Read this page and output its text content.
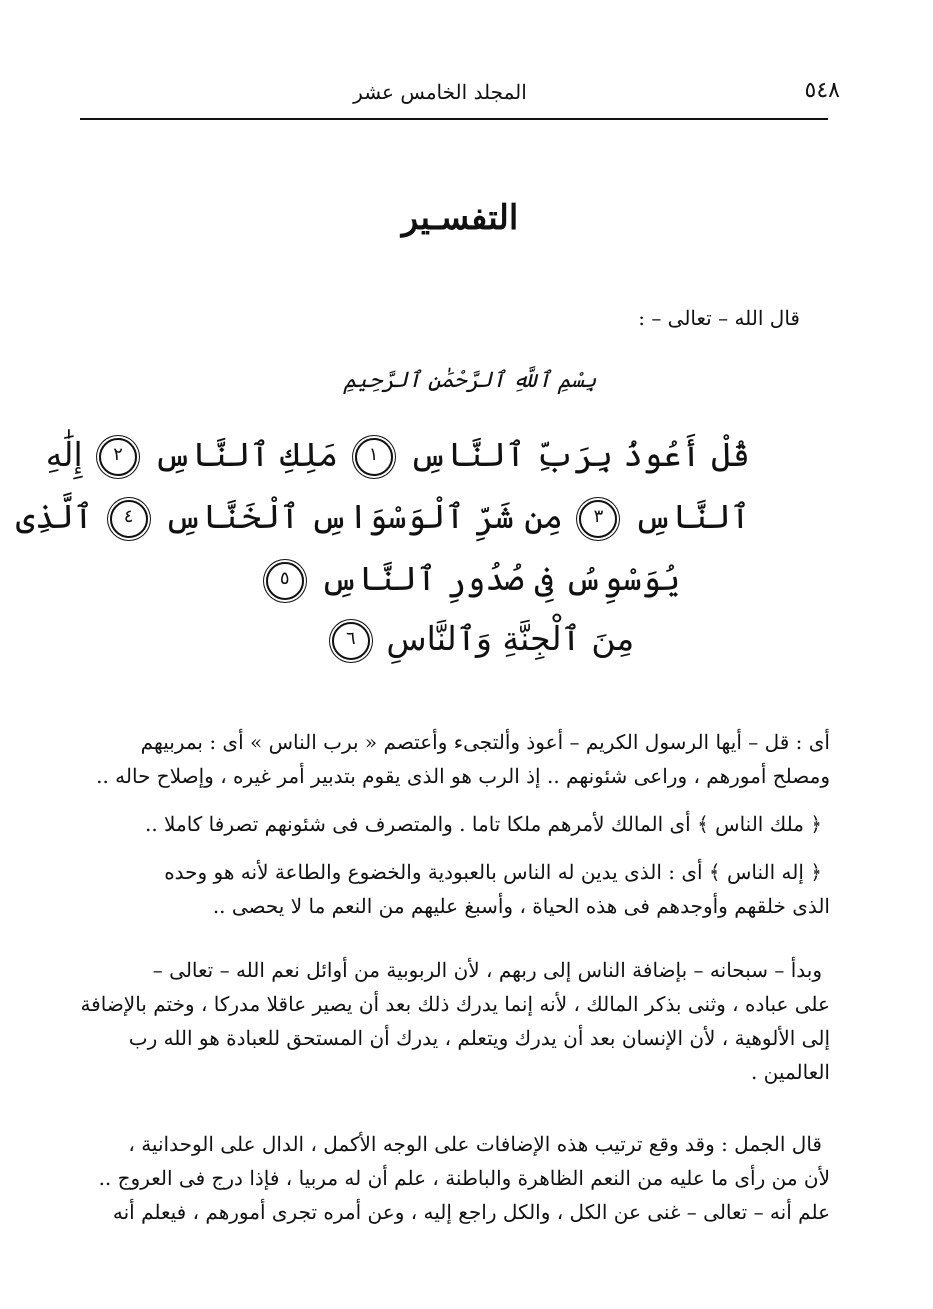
المجلد الخامس عشر	٥٤٨
التفسـير
قال الله – تعالى – :
بِسْمِ ٱللَّهِ ٱلرَّحْمَٰنِ ٱلرَّحِيمِ
قُلْ أَعُوذُ بِرَبِّ ٱلنَّاسِ ١ مَلِكِ ٱلنَّاسِ ٢ إِلَٰهِ
ٱلنَّاسِ ٣ مِن شَرِّ ٱلْوَسْوَاسِ ٱلْخَنَّاسِ ٤ ٱلَّذِى
يُوَسْوِسُ فِى صُدُورِ ٱلنَّاسِ ٥
مِنَ ٱلْجِنَّةِ وَٱلنَّاسِ ٦
أى : قل – أيها الرسول الكريم – أعوذ وألتجىء وأعتصم « برب الناس » أى : بمربيهم
ومصلح أمورهم ، وراعى شئونهم .. إذ الرب هو الذى يقوم بتدبير أمر غيره ، وإصلاح حاله ..
﴿ ملك الناس ﴾ أى المالك لأمرهم ملكا تاما . والمتصرف فى شئونهم تصرفا كاملا ..
﴿ إله الناس ﴾ أى : الذى يدين له الناس بالعبودية والخضوع والطاعة لأنه هو وحده
الذى خلقهم وأوجدهم فى هذه الحياة ، وأسبغ عليهم من النعم ما لا يحصى ..
وبدأ – سبحانه – بإضافة الناس إلى ربهم ، لأن الربوبية من أوائل نعم الله – تعالى –
على عباده ، وثنى بذكر المالك ، لأنه إنما يدرك ذلك بعد أن يصير عاقلا مدركا ، وختم بالإضافة
إلى الألوهية ، لأن الإنسان بعد أن يدرك ويتعلم ، يدرك أن المستحق للعبادة هو الله رب
العالمين .
قال الجمل : وقد وقع ترتيب هذه الإضافات على الوجه الأكمل ، الدال على الوحدانية ،
لأن من رأى ما عليه من النعم الظاهرة والباطنة ، علم أن له مربيا ، فإذا درج فى العروج ..
علم أنه – تعالى – غنى عن الكل ، والكل راجع إليه ، وعن أمره تجرى أمورهم ، فيعلم أنه
